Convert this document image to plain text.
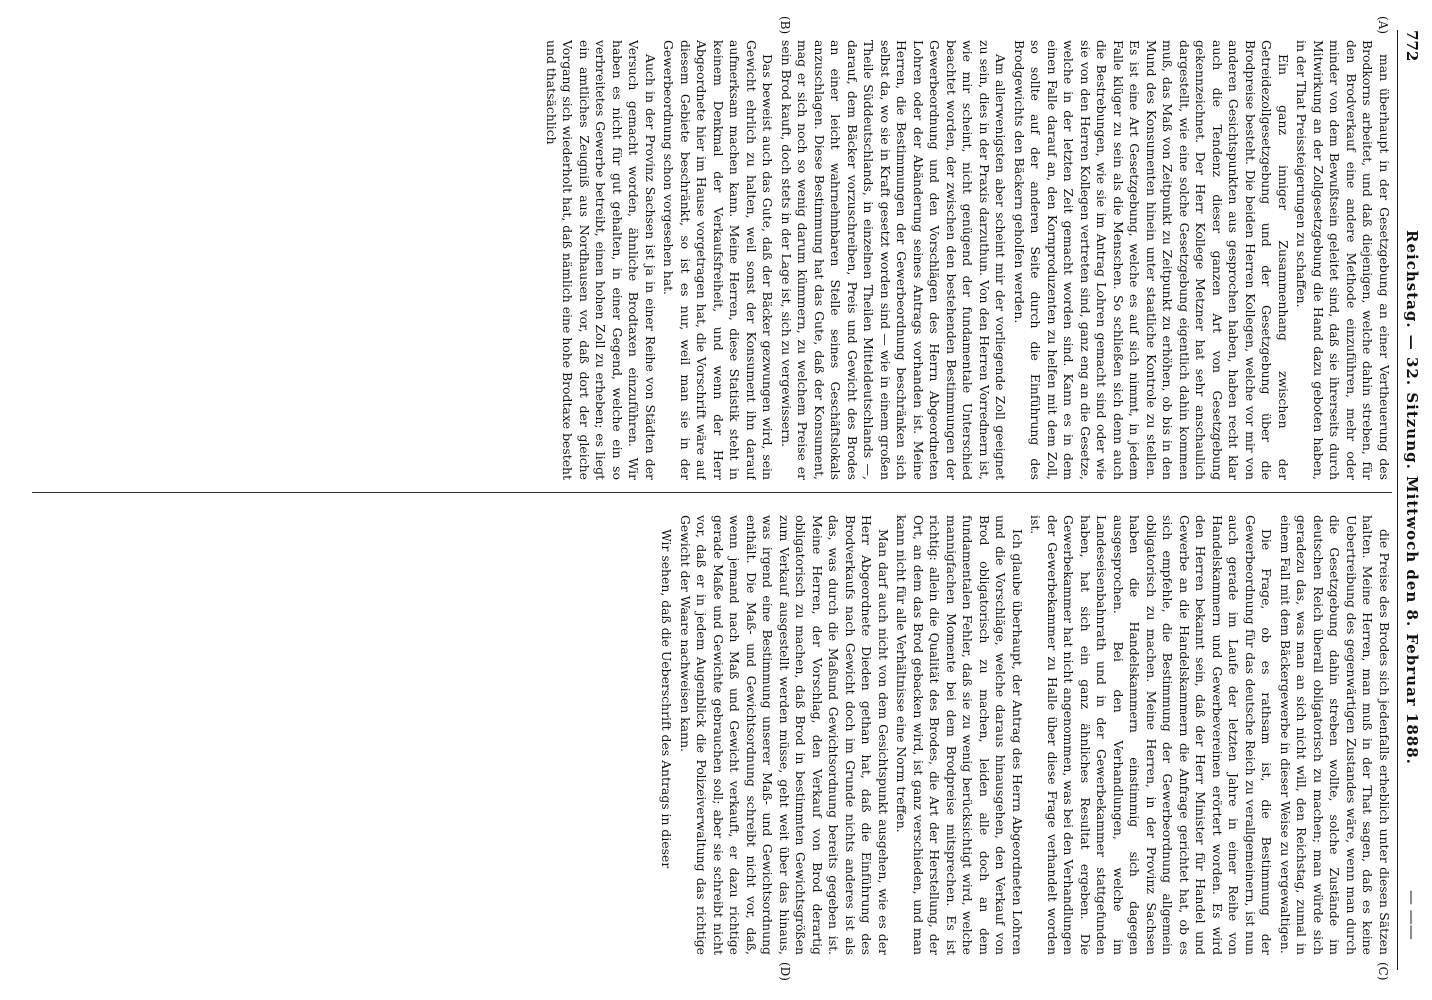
772
Reichstag. — 32. Sitzung. Mittwoch den 8. Februar 1888.
— ——
(A)
(B)
(C)
(D)

man überhaupt in der Gesetzgebung an einer Vertheuerung des Brodkorns arbeitet, und daß diejenigen, welche dahin streben, für den Brodverkauf eine andere Methode einzuführen, mehr oder minder von dem Bewußtsein geleitet sind, daß sie ihrerseits durch Mitwirkung an der Zollgesetzgebung die Hand dazu geboten haben, in der That Preissteigerungen zu schaffen.

Ein ganz inniger Zusammenhang zwischen der Getreidezollgesetzgebung und der Gesetzgebung über die Brodpreise besteht. Die beiden Herren Kollegen, welche vor mir von anderen Gesichtspunkten aus gesprochen haben, haben recht klar auch die Tendenz dieser ganzen Art von Gesetzgebung gekennzeichnet. Der Herr Kollege Metzner hat sehr anschaulich dargestellt, wie eine solche Gesetzgebung eigentlich dahin kommen muß, das Maß von Zeitpunkt zu Zeitpunkt zu erhöhen, ob bis in den Mund des Konsumenten hinein unter staatliche Kontrole zu stellen. Es ist eine Art Gesetzgebung, welche es auf sich nimmt, in jedem Falle klüger zu sein als die Menschen. So schließen sich denn auch die Bestrebungen, wie sie im Antrag Lohren gemacht sind oder wie sie von den Herren Kollegen vertreten sind, ganz eng an die Gesetze, welche in der letzten Zeit gemacht worden sind. Kann es in dem einen Falle darauf an, den Kornproduzenten zu helfen mit dem Zoll, so sollte auf der anderen Seite durch die Einführung des Brodgewichts den Bäckern geholfen werden.

Am allerwenigsten aber scheint mir der vorliegende Zoll geeignet zu sein, dies in der Praxis darzuthun. Von den Herren Vorrednern ist, wie mir scheint, nicht genügend der fundamentale Unterschied beachtet worden, der zwischen den bestehenden Bestimmungen der Gewerbeordnung und den Vorschlägen des Herrn Abgeordneten Lohren oder der Abänderung seines Antrags vorhanden ist. Meine Herren, die Bestimmungen der Gewerbeordnung beschränken sich selbst da, wo sie in Kraft gesetzt worden sind — wie in einem großen Theile Süddeutschlands, in einzelnen Theilen Mitteldeutschlands —, darauf, dem Bäcker vorzuschreiben, Preis und Gewicht des Brodes an einer leicht wahrnehmbaren Stelle seines Geschäftslokals anzuschlagen. Diese Bestimmung hat das Gute, daß der Konsument, mag er sich noch so wenig darum kümmern, zu welchem Preise er sein Brod kauft, doch stets in der Lage ist, sich zu vergewissern.

Das beweist auch das Gute, daß der Bäcker gezwungen wird, sein Gewicht ehrlich zu halten, weil sonst der Konsument ihn darauf aufmerksam machen kann. Meine Herren, diese Statistik steht in keinem Denkmal der Verkaufsfreiheit, und wenn der Herr Abgeordnete hier im Hause vorgetragen hat, die Vorschrift wäre auf diesem Gebiete beschränkt, so ist es nur, weil man sie in der Gewerbeordnung schon vorgesehen hat.

Auch in der Provinz Sachsen ist ja in einer Reihe von Städten der Versuch gemacht worden, ähnliche Brodtaxen einzuführen. Wir haben es nicht für gut gehalten, in einer Gegend, welche ein so verbreitetes Gewerbe betreibt, einen hohen Zoll zu erheben; es liegt ein amtliches Zeugniß aus Nordhausen vor, daß dort der gleiche Vorgang sich wiederholt hat, daß nämlich eine hohe Brodtaxe besteht und thatsächlich

die Preise des Brodes sich jedenfalls erheblich unter diesen Sätzen halten. Meine Herren, man muß in der That sagen, daß es keine Uebertreibung des gegenwärtigen Zustandes wäre, wenn man durch die Gesetzgebung dahin streben wollte, solche Zustände im deutschen Reich überall obligatorisch zu machen; man würde sich geradezu das, was man an sich nicht will, den Reichstag, zumal in einem Fall mit dem Bäckergewerbe in dieser Weise zu vergewaltigen.

Die Frage, ob es rathsam ist, die Bestimmung der Gewerbeordnung für das deutsche Reich zu verallgemeinern, ist nun auch gerade im Laufe der letzten Jahre in einer Reihe von Handelskammern und Gewerbevereinen erörtert worden. Es wird den Herren bekannt sein, daß der Herr Minister für Handel und Gewerbe an die Handelskammern die Anfrage gerichtet hat, ob es sich empfehle, die Bestimmung der Gewerbeordnung allgemein obligatorisch zu machen. Meine Herren, in der Provinz Sachsen haben die Handelskammern einstimmig sich dagegen ausgesprochen. Bei den Verhandlungen, welche im Landeseisenbahnrath und in der Gewerbekammer stattgefunden haben, hat sich ein ganz ähnliches Resultat ergeben. Die Gewerbekammer hat nicht angenommen, was bei den Verhandlungen der Gewerbekammer zu Halle über diese Frage verhandelt worden ist.

Ich glaube überhaupt, der Antrag des Herrn Abgeordneten Lohren und die Vorschläge, welche daraus hinausgehen, den Verkauf von Brod obligatorisch zu machen, leiden alle doch an dem fundamentalen Fehler, daß sie zu wenig berücksichtigt wird, welche mannigfachen Momente bei dem Brodpreise mitsprechen. Es ist richtig: allein die Qualität des Brodes, die Art der Herstellung, der Ort, an dem das Brod gebacken wird, ist ganz verschieden, und man kann nicht für alle Verhältnisse eine Norm treffen.

Man darf auch nicht von dem Gesichtspunkt ausgehen, wie es der Herr Abgeordnete Dieden gethan hat, daß die Einführung des Brodverkaufs nach Gewicht doch im Grunde nichts anderes ist als das, was durch die Maßund Gewichtsordnung bereits gegeben ist. Meine Herren, der Vorschlag, den Verkauf von Brod derartig obligatorisch zu machen, daß Brod in bestimmten Gewichtsgrößen zum Verkauf ausgestellt werden müsse, geht weit über das hinaus, was irgend eine Bestimmung unserer Maß- und Gewichtsordnung enthält. Die Maß- und Gewichtsordnung schreibt nicht vor, daß, wenn jemand nach Maß und Gewicht verkauft, er dazu richtige gerade Maße und Gewichte gebrauchen soll; aber sie schreibt nicht vor, daß er in jedem Augenblick die Polizeiverwaltung das richtige Gewicht der Waare nachweisen kann.

Wir sehen, daß die Ueberschrift des Antrags in dieser
